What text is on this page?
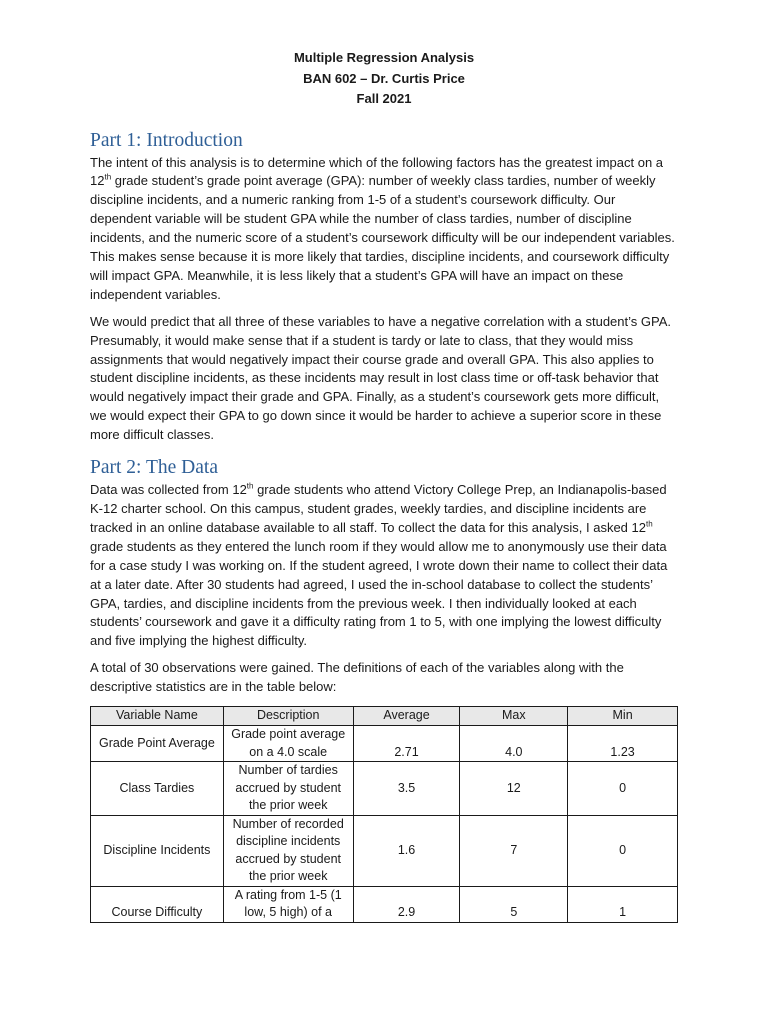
Multiple Regression Analysis
BAN 602 – Dr. Curtis Price
Fall 2021
Part 1: Introduction

The intent of this analysis is to determine which of the following factors has the greatest impact on a 12th grade student’s grade point average (GPA): number of weekly class tardies, number of weekly discipline incidents, and a numeric ranking from 1-5 of a student’s coursework difficulty. Our dependent variable will be student GPA while the number of class tardies, number of discipline incidents, and the numeric score of a student’s coursework difficulty will be our independent variables. This makes sense because it is more likely that tardies, discipline incidents, and coursework difficulty will impact GPA. Meanwhile, it is less likely that a student’s GPA will have an impact on these independent variables.

We would predict that all three of these variables to have a negative correlation with a student’s GPA. Presumably, it would make sense that if a student is tardy or late to class, that they would miss assignments that would negatively impact their course grade and overall GPA. This also applies to student discipline incidents, as these incidents may result in lost class time or off-task behavior that would negatively impact their grade and GPA. Finally, as a student’s coursework gets more difficult, we would expect their GPA to go down since it would be harder to achieve a superior score in these more difficult classes.

Part 2: The Data

Data was collected from 12th grade students who attend Victory College Prep, an Indianapolis-based K-12 charter school. On this campus, student grades, weekly tardies, and discipline incidents are tracked in an online database available to all staff. To collect the data for this analysis, I asked 12th grade students as they entered the lunch room if they would allow me to anonymously use their data for a case study I was working on. If the student agreed, I wrote down their name to collect their data at a later date. After 30 students had agreed, I used the in-school database to collect the students’ GPA, tardies, and discipline incidents from the previous week. I then individually looked at each students’ coursework and gave it a difficulty rating from 1 to 5, with one implying the lowest difficulty and five implying the highest difficulty.

A total of 30 observations were gained. The definitions of each of the variables along with the descriptive statistics are in the table below:

Variable Name	Description	Average	Max	Min
Grade Point Average	Grade point average on a 4.0 scale	2.71	4.0	1.23
Class Tardies	Number of tardies accrued by student the prior week	3.5	12	0
Discipline Incidents	Number of recorded discipline incidents accrued by student the prior week	1.6	7	0
Course Difficulty	A rating from 1-5 (1 low, 5 high) of a	2.9	5	1
